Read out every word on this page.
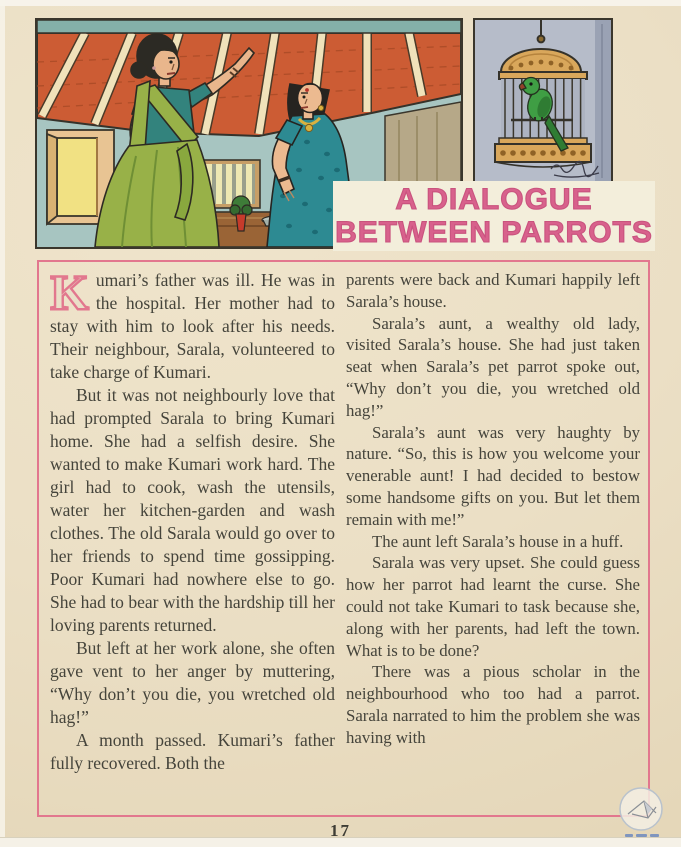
A DIALOGUE
BETWEEN PARROTS

Kumari’s father was ill. He was in the hospital. Her mother had to stay with him to look after his needs. Their neighbour, Sarala, volunteered to take charge of Kumari.

But it was not neighbourly love that had prompted Sarala to bring Kumari home. She had a selfish desire. She wanted to make Kumari work hard. The girl had to cook, wash the utensils, water her kitchen-garden and wash clothes. The old Sarala would go over to her friends to spend time gossipping. Poor Kumari had nowhere else to go. She had to bear with the hardship till her loving parents returned.

But left at her work alone, she often gave vent to her anger by muttering, “Why don’t you die, you wretched old hag!”

A month passed. Kumari’s father fully recovered. Both the

parents were back and Kumari happily left Sarala’s house.

Sarala’s aunt, a wealthy old lady, visited Sarala’s house. She had just taken seat when Sarala’s pet parrot spoke out, “Why don’t you die, you wretched old hag!”

Sarala’s aunt was very haughty by nature. “So, this is how you welcome your venerable aunt! I had decided to bestow some handsome gifts on you. But let them remain with me!”

The aunt left Sarala’s house in a huff.

Sarala was very upset. She could guess how her parrot had learnt the curse. She could not take Kumari to task because she, along with her parents, had left the town. What is to be done?

There was a pious scholar in the neighbourhood who too had a parrot. Sarala narrated to him the problem she was having with

17
